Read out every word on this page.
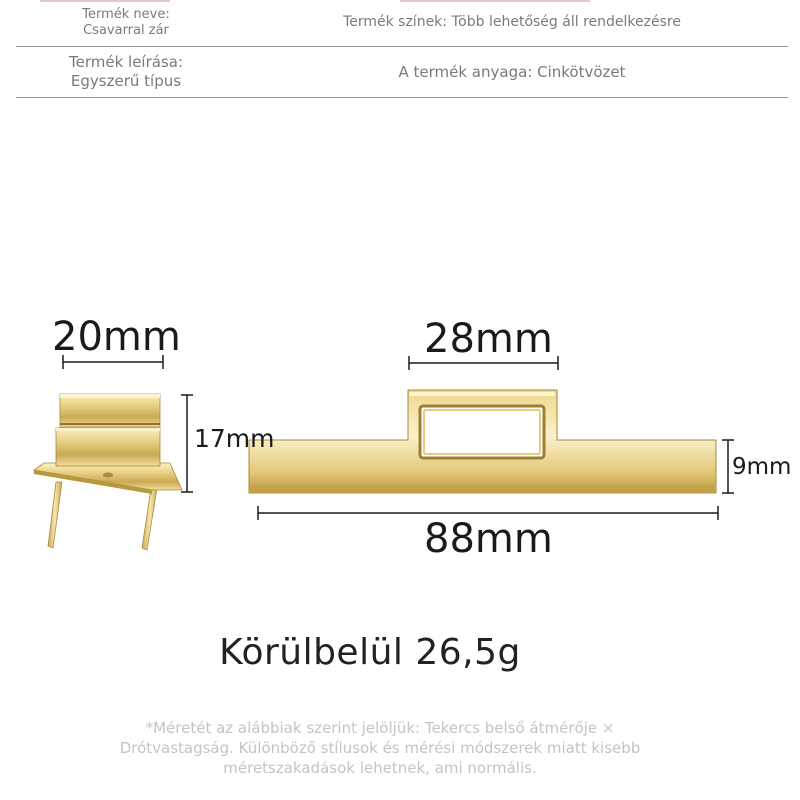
Termék neve:
Csavarral zár
Termék színek: Több lehetőség áll rendelkezésre
Termék leírása:
Egyszerű típus	A termék anyaga: Cinkötvözet
20mm
17mm
28mm
88mm
9mm
Körülbelül 26,5g
*Méretét az alábbiak szerint jelöljük: Tekercs belső átmérője × Drótvastagság. Különböző stílusok és mérési módszerek miatt kisebb méretszakadások lehetnek, ami normális.
